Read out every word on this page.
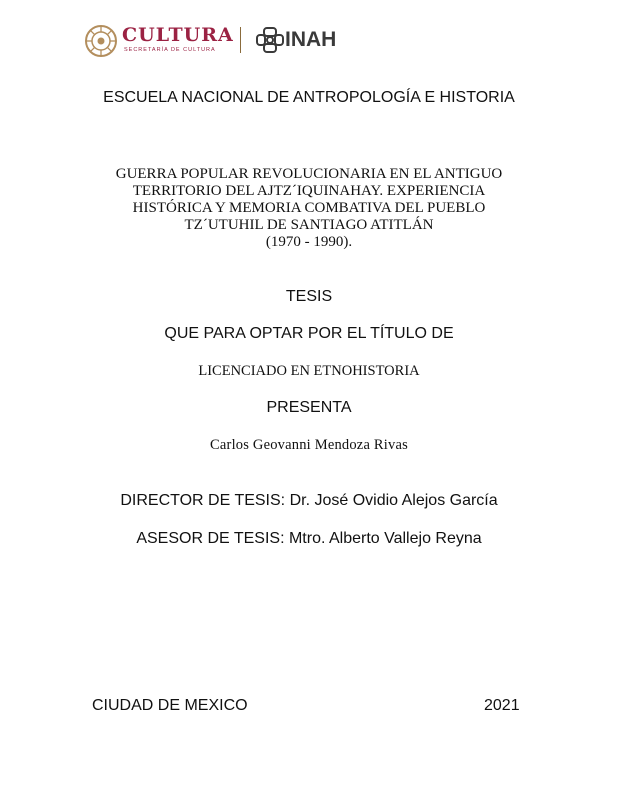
CULTURA
SECRETARÍA DE CULTURA	INAH
ESCUELA NACIONAL DE ANTROPOLOGÍA E HISTORIA
GUERRA POPULAR REVOLUCIONARIA EN EL ANTIGUO
TERRITORIO DEL AJTZ´IQUINAHAY. EXPERIENCIA
HISTÓRICA Y MEMORIA COMBATIVA DEL PUEBLO
TZ´UTUHIL DE SANTIAGO ATITLÁN
(1970 - 1990).
TESIS
QUE PARA OPTAR POR EL TÍTULO DE
LICENCIADO EN ETNOHISTORIA
PRESENTA
Carlos Geovanni Mendoza Rivas
DIRECTOR DE TESIS: Dr. José Ovidio Alejos García
ASESOR DE TESIS: Mtro. Alberto Vallejo Reyna
CIUDAD DE MEXICO	2021
